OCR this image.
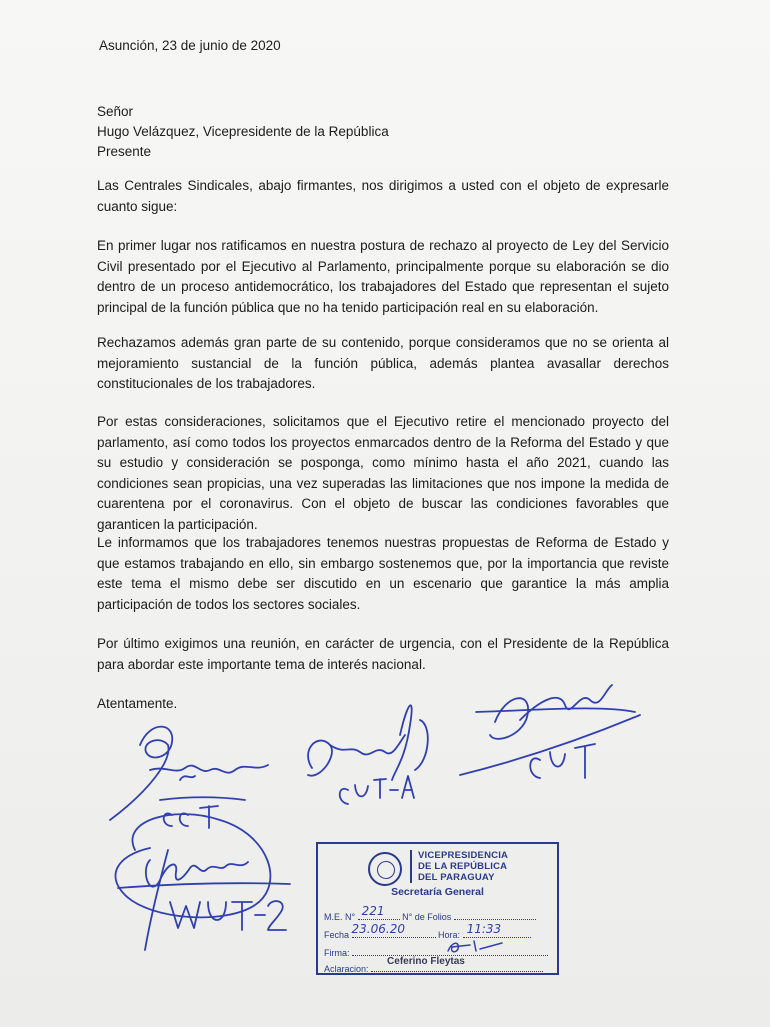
Asunción, 23 de junio de 2020
Señor
Hugo Velázquez, Vicepresidente de la República
Presente
Las Centrales Sindicales, abajo firmantes, nos dirigimos a usted con el objeto de expresarle cuanto sigue:
En primer lugar nos ratificamos en nuestra postura de rechazo al proyecto de Ley del Servicio Civil presentado por el Ejecutivo al Parlamento, principalmente porque su elaboración se dio dentro de un proceso antidemocrático, los trabajadores del Estado que representan el sujeto principal de la función pública que no ha tenido participación real en su elaboración.
Rechazamos además gran parte de su contenido, porque consideramos que no se orienta al mejoramiento sustancial de la función pública, además plantea avasallar derechos constitucionales de los trabajadores.
Por estas consideraciones, solicitamos que el Ejecutivo retire el mencionado proyecto del parlamento, así como todos los proyectos enmarcados dentro de la Reforma del Estado y que su estudio y consideración se posponga, como mínimo hasta el año 2021, cuando las condiciones sean propicias, una vez superadas las limitaciones que nos impone la medida de cuarentena por el coronavirus. Con el objeto de buscar las condiciones favorables que garanticen la participación.
Le informamos que los trabajadores tenemos nuestras propuestas de Reforma de Estado y que estamos trabajando en ello, sin embargo sostenemos que, por la importancia que reviste este tema el mismo debe ser discutido en un escenario que garantice la más amplia participación de todos los sectores sociales.
Por último exigimos una reunión, en carácter de urgencia, con el Presidente de la República para abordar este importante tema de interés nacional.
Atentamente.
VICEPRESIDENCIA
DE LA REPÚBLICA
DEL PARAGUAY
Secretaría General
M.E. N° 221 N° de Folios
Fecha 23.06.20	Hora: 11:33
Firma:
Aclaracion:
Ceferino Fleytas
